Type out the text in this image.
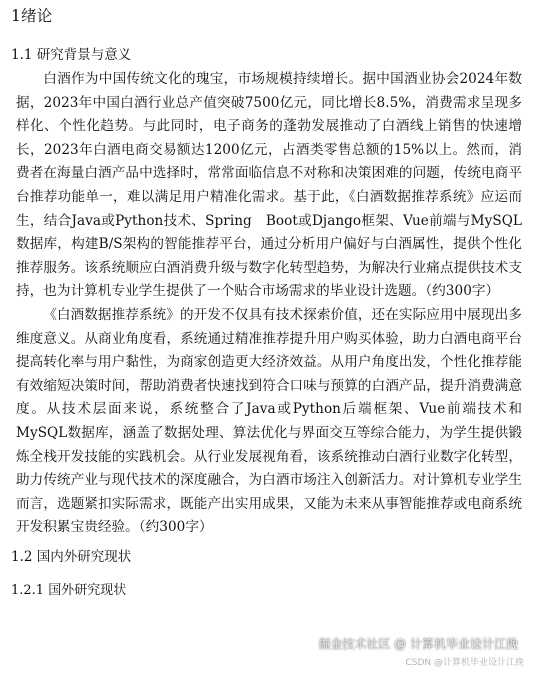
1绪论
1.1 研究背景与意义

白酒作为中国传统文化的瑰宝，市场规模持续增长。据中国酒业协会2024年数据，2023年中国白酒行业总产值突破7500亿元，同比增长8.5%，消费需求呈现多样化、个性化趋势。与此同时，电子商务的蓬勃发展推动了白酒线上销售的快速增长，2023年白酒电商交易额达1200亿元，占酒类零售总额的15%以上。然而，消费者在海量白酒产品中选择时，常常面临信息不对称和决策困难的问题，传统电商平台推荐功能单一，难以满足用户精准化需求。基于此，《白酒数据推荐系统》应运而生，结合Java或Python技术、Spring　Boot或Django框架、Vue前端与MySQL数据库，构建B/S架构的智能推荐平台，通过分析用户偏好与白酒属性，提供个性化推荐服务。该系统顺应白酒消费升级与数字化转型趋势，为解决行业痛点提供技术支持，也为计算机专业学生提供了一个贴合市场需求的毕业设计选题。（约300字）

《白酒数据推荐系统》的开发不仅具有技术探索价值，还在实际应用中展现出多维度意义。从商业角度看，系统通过精准推荐提升用户购买体验，助力白酒电商平台提高转化率与用户黏性，为商家创造更大经济效益。从用户角度出发，个性化推荐能有效缩短决策时间，帮助消费者快速找到符合口味与预算的白酒产品，提升消费满意度。从技术层面来说，系统整合了Java或Python后端框架、Vue前端技术和MySQL数据库，涵盖了数据处理、算法优化与界面交互等综合能力，为学生提供锻炼全栈开发技能的实践机会。从行业发展视角看，该系统推动白酒行业数字化转型，助力传统产业与现代技术的深度融合，为白酒市场注入创新活力。对计算机专业学生而言，选题紧扣实际需求，既能产出实用成果，又能为未来从事智能推荐或电商系统开发积累宝贵经验。（约300字）

1.2 国内外研究现状
1.2.1 国外研究现状
掘金技术社区 @ 计算机毕业设计江挽
CSDN @计算机毕业设计江挽
